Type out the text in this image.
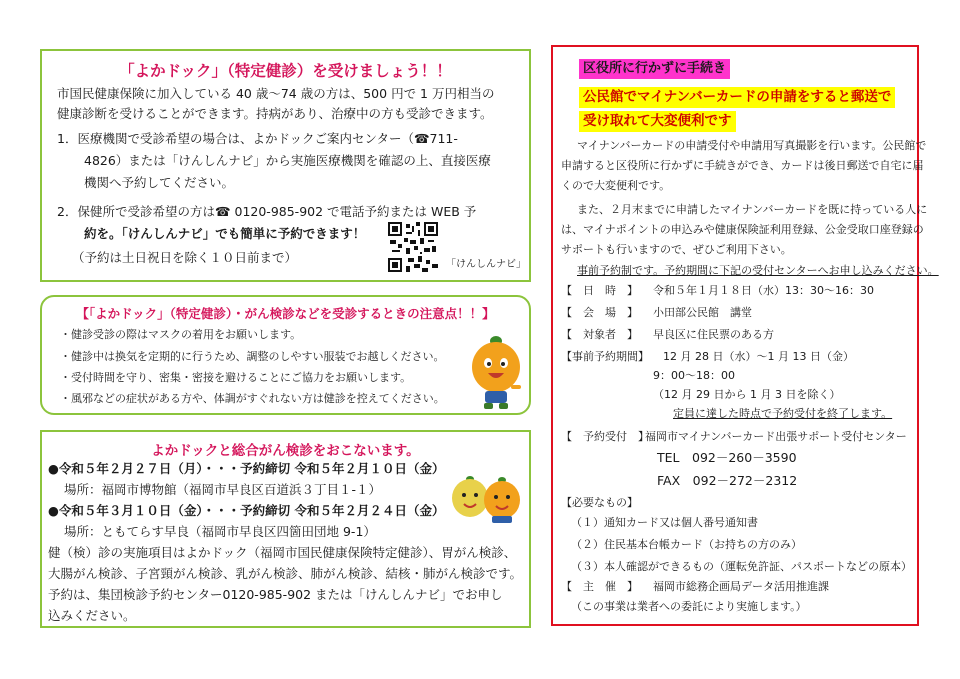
「よかドック」（特定健診）を受けましょう！！
市国民健康保険に加入している 40 歳～74 歳の方は、500 円で 1 万円相当の
健康診断を受けることができます。持病があり、治療中の方も受診できます。
1．医療機関で受診希望の場合は、よかドックご案内センター（☎711-
4826）または「けんしんナビ」から実施医療機関を確認の上、直接医療
機関へ予約してください。
2．保健所で受診希望の方は☎ 0120-985-902 で電話予約または WEB 予
約を。「けんしんナビ」でも簡単に予約できます！
（予約は土日祝日を除く１０日前まで）	「けんしんナビ」
【「よかドック」（特定健診）・がん検診などを受診するときの注意点！！】
・健診受診の際はマスクの着用をお願いします。
・健診中は換気を定期的に行うため、調整のしやすい服装でお越しください。
・受付時間を守り、密集・密接を避けることにご協力をお願いします。
・風邪などの症状がある方や、体調がすぐれない方は健診を控えてください。
よかドックと総合がん検診をおこないます。
●令和５年２月２７日（月）・・・予約締切 令和５年２月１０日（金）
場所：福岡市博物館（福岡市早良区百道浜３丁目１-１）
●令和５年３月１０日（金）・・・予約締切 令和５年２月２４日（金）
場所：ともてらす早良（福岡市早良区四箇田団地 9-1）
健（検）診の実施項目はよかドック（福岡市国民健康保険特定健診）、胃がん検診、
大腸がん検診、子宮頸がん検診、乳がん検診、肺がん検診、結核・肺がん検診です。
予約は、集団検診予約センター0120-985-902 または「けんしんナビ」でお申し
込みください。
区役所に行かずに手続き
公民館でマイナンバーカードの申請をすると郵送で
受け取れて大変便利です
マイナンバーカードの申請受付や申請用写真撮影を行います。公民館で
申請すると区役所に行かずに手続きができ、カードは後日郵送で自宅に届
くので大変便利です。
また、２月末までに申請したマイナンバーカードを既に持っている人に
は、マイナポイントの申込みや健康保険証利用登録、公金受取口座登録の
サポートも行いますので、ぜひご利用下さい。
事前予約制です。予約期間に下記の受付センターへお申し込みください。
【　日　時　】 令和５年１月１８日（水）13：30～16：30
【　会　場　】 小田部公民館　講堂
【　対象者　】 早良区に住民票のある方
【事前予約期間】 12 月 28 日（水）～1 月 13 日（金）
9：00～18：00
（12 月 29 日から 1 月 3 日を除く）
定員に達した時点で予約受付を終了します。
【　予約受付　】
福岡市マイナンバーカード出張サポート受付センター
TEL　092－260－3590
FAX　092－272－2312
【必要なもの】
（１）通知カード又は個人番号通知書
（２）住民基本台帳カード（お持ちの方のみ）
（３）本人確認ができるもの（運転免許証、パスポートなどの原本）
【　主　催　】 福岡市総務企画局データ活用推進課
（この事業は業者への委託により実施します。）
